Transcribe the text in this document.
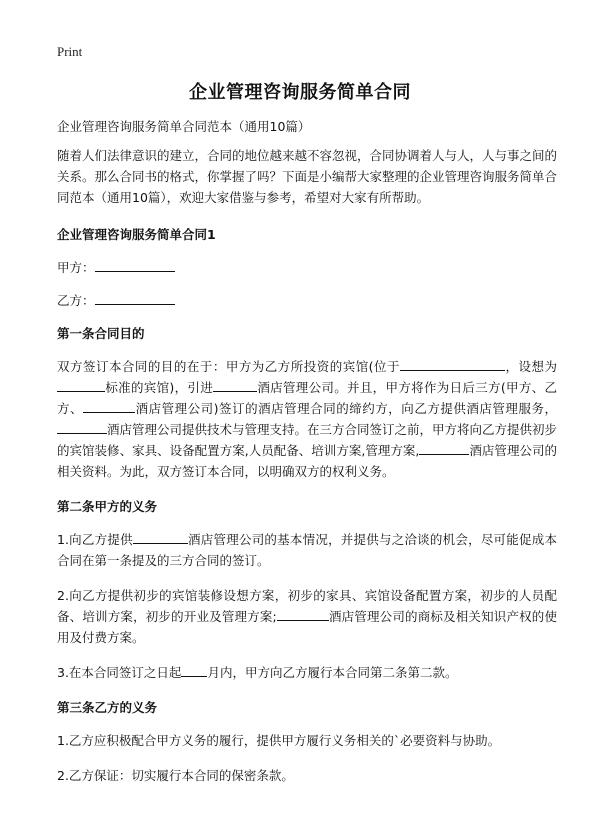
Print
企业管理咨询服务简单合同

企业管理咨询服务简单合同范本（通用10篇）

随着人们法律意识的建立，合同的地位越来越不容忽视，合同协调着人与人，人与事之间的关系。那么合同书的格式，你掌握了吗？下面是小编帮大家整理的企业管理咨询服务简单合同范本（通用10篇），欢迎大家借鉴与参考，希望对大家有所帮助。

企业管理咨询服务简单合同1

甲方：

乙方：

第一条合同目的

双方签订本合同的目的在于：甲方为乙方所投资的宾馆(位于	，设想为标准的宾馆)，引进	酒店管理公司。并且，甲方将作为日后三方(甲方、乙方、	酒店管理公司)签订的酒店管理合同的缔约方，向乙方提供酒店管理服务，酒店管理公司提供技术与管理支持。在三方合同签订之前，甲方将向乙方提供初步的宾馆装修、家具、设备配置方案,人员配备、培训方案,管理方案,	酒店管理公司的相关资料。为此，双方签订本合同，以明确双方的权利义务。

第二条甲方的义务

1.向乙方提供	酒店管理公司的基本情况，并提供与之洽谈的机会，尽可能促成本合同在第一条提及的三方合同的签订。

2.向乙方提供初步的宾馆装修设想方案，初步的家具、宾馆设备配置方案，初步的人员配备、培训方案，初步的开业及管理方案;	酒店管理公司的商标及相关知识产权的使用及付费方案。

3.在本合同签订之日起 月内，甲方向乙方履行本合同第二条第二款。

第三条乙方的义务

1.乙方应积极配合甲方义务的履行，提供甲方履行义务相关的`必要资料与协助。

2.乙方保证：切实履行本合同的保密条款。
